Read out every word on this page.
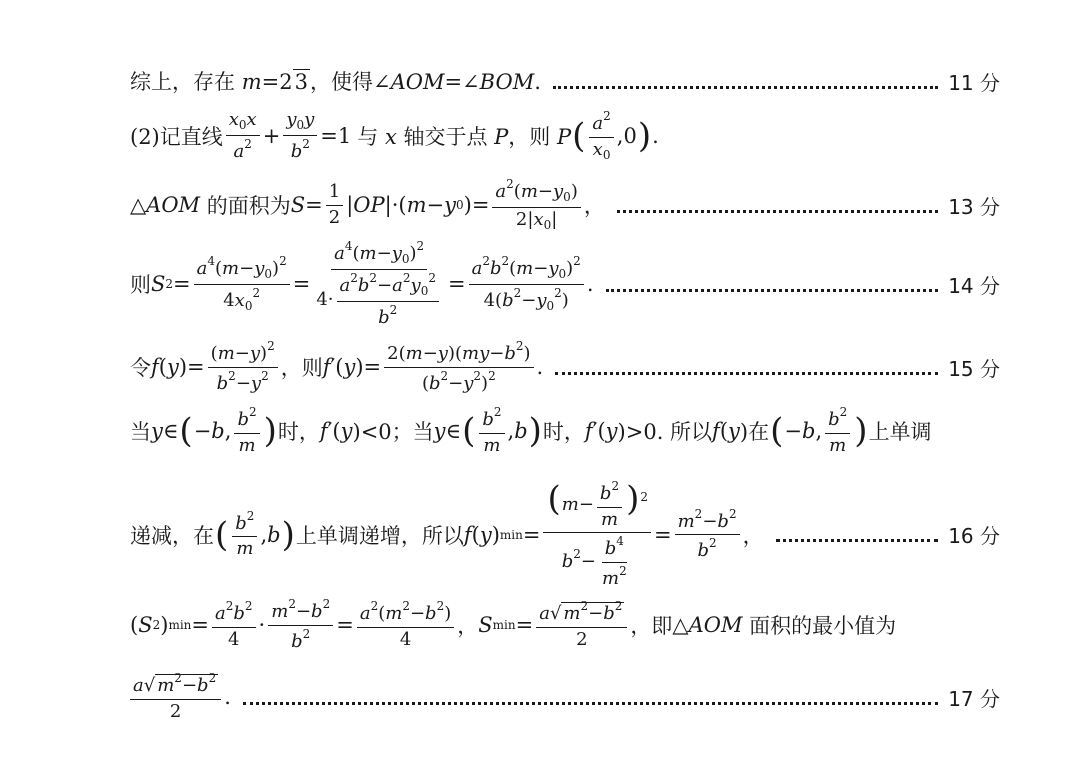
综上，存在 m=23，使得∠AOM=∠BOM.	11 分
(2)记直线 $\frac{x_0x}{a^2} + \frac{y_0y}{b^2} =1$ 与 x 轴交于点 P，则 P ( $\frac{a^2}{x_0} ,0$ ) .
△ AOM 的面积为 $S = \frac{1}{2}$ | OP |·( m − y 0 )= $\frac{a^2(m-y_0)}{2|x_0|}$ ，	13 分
则 S $2 = \frac{a^4(m-y_0)^2}{4x_0^2} = \frac{a^4(m-y_0)^2}{4\cdot \frac{a^2b^2-a^2y_0^2}{b^2}} = \frac{a^2b^2(m-y_0)^2}{4(b^2-y_0^2)}$ .	14 分
令 f ( y )= $\frac{(m-y)^2}{b^2-y^2}$ ，则 f ′( y )= $\frac{2(m-y)(my-b^2)}{(b^2-y^2)^2}$ .	15 分
当 y ∈ ( − b , $\frac{b^2}{m}$ ) 时， f ′( y )<0；当 y ∈ ( $\frac{b^2}{m}$ , b ) 时， f ′( y )>0. 所以 f ( y )在 ( − b , $\frac{b^2}{m}$ ) 上单调
递减，在 ( $\frac{b^2}{m}$ , b ) 上单调递增，所以 f ( y ) $\min = \frac{(m- \frac{b^2}{m} )^2}{b^2- \frac{b^4}{m^2}} = \frac{m^2-b^2}{b^2}$ ，	16 分
( S 2 ) $\min = \frac{a^2b^2}{4} \cdot \frac{m^2-b^2}{b^2} = \frac{a^2(m^2-b^2)}{4}$ ， S $\min = \frac{a√ m^2-b^2}{2}$ ，即 △ AOM 面积的最小值为
$\frac{a√ m^2-b^2}{2}$ .	17 分
